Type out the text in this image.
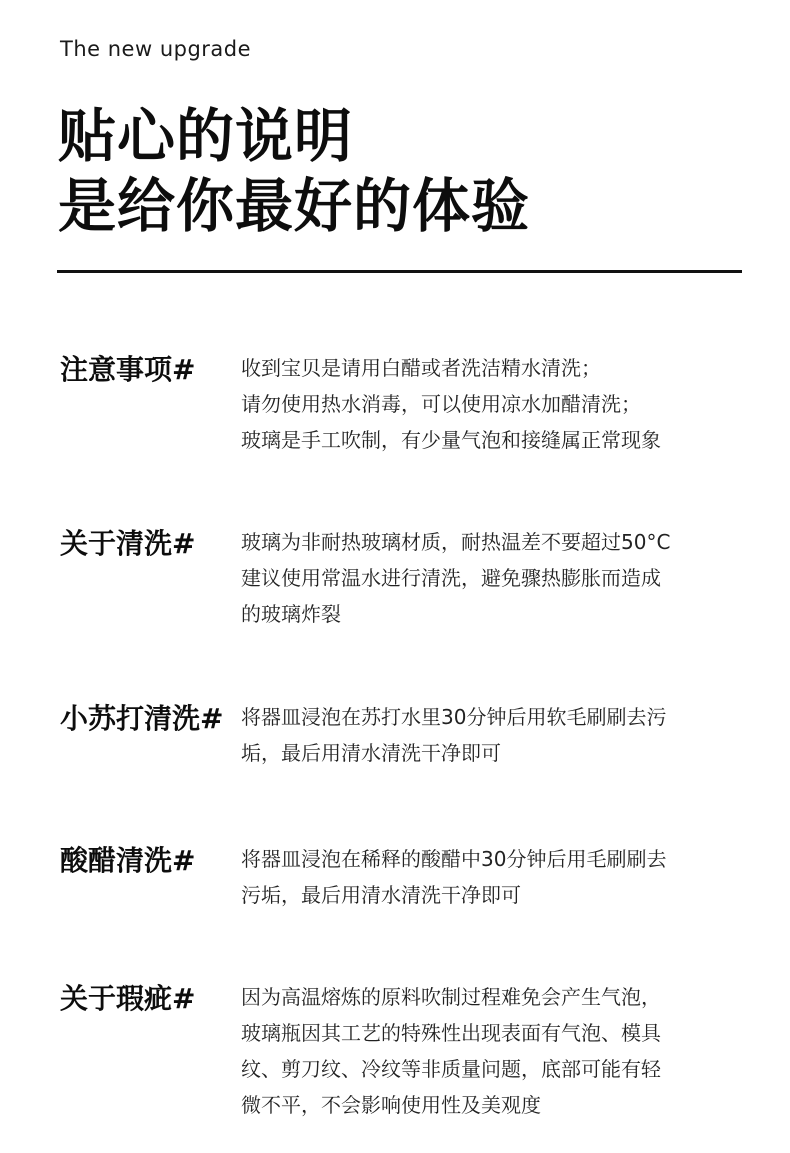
The new upgrade
贴心的说明
是给你最好的体验
注意事项# 收到宝贝是请用白醋或者洗洁精水清洗；
请勿使用热水消毒，可以使用凉水加醋清洗；
玻璃是手工吹制，有少量气泡和接缝属正常现象
关于清洗# 玻璃为非耐热玻璃材质，耐热温差不要超过50°C
建议使用常温水进行清洗，避免骤热膨胀而造成
的玻璃炸裂
小苏打清洗# 将器皿浸泡在苏打水里30分钟后用软毛刷刷去污
垢，最后用清水清洗干净即可
酸醋清洗# 将器皿浸泡在稀释的酸醋中30分钟后用毛刷刷去
污垢，最后用清水清洗干净即可
关于瑕疵# 因为高温熔炼的原料吹制过程难免会产生气泡，
玻璃瓶因其工艺的特殊性出现表面有气泡、模具
纹、剪刀纹、冷纹等非质量问题，底部可能有轻
微不平，不会影响使用性及美观度
